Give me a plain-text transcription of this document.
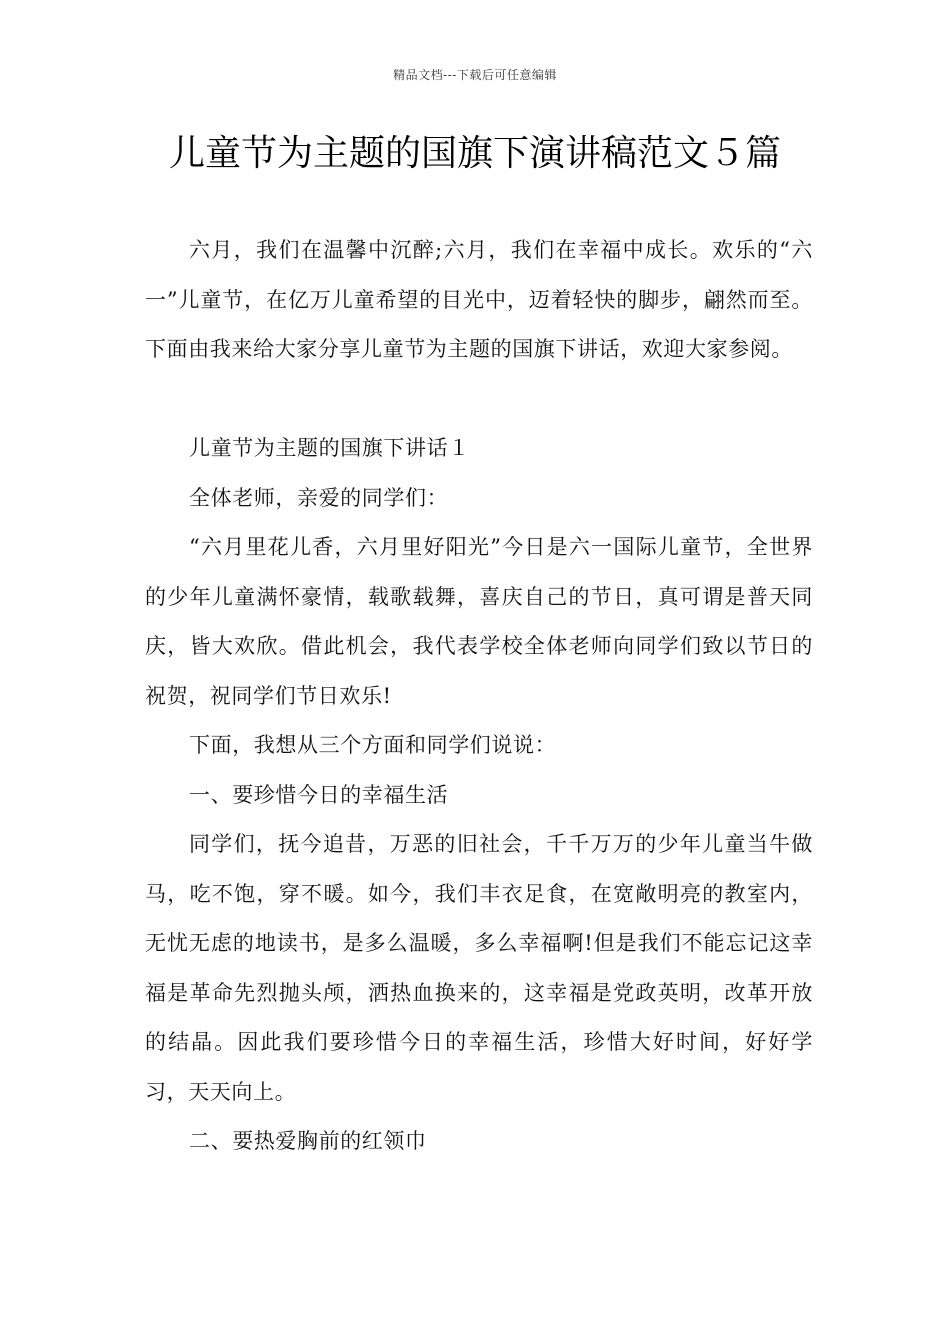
精品文档---下载后可任意编辑
儿童节为主题的国旗下演讲稿范文５篇

六月，我们在温馨中沉醉;六月，我们在幸福中成长。欢乐的“六一”儿童节，在亿万儿童希望的目光中，迈着轻快的脚步，翩然而至。下面由我来给大家分享儿童节为主题的国旗下讲话，欢迎大家参阅。

儿童节为主题的国旗下讲话１

全体老师，亲爱的同学们：

“六月里花儿香，六月里好阳光”今日是六一国际儿童节，全世界的少年儿童满怀豪情，载歌载舞，喜庆自己的节日，真可谓是普天同庆，皆大欢欣。借此机会，我代表学校全体老师向同学们致以节日的祝贺，祝同学们节日欢乐!

下面，我想从三个方面和同学们说说：

一、要珍惜今日的幸福生活

同学们，抚今追昔，万恶的旧社会，千千万万的少年儿童当牛做马，吃不饱，穿不暖。如今，我们丰衣足食，在宽敞明亮的教室内，无忧无虑的地读书，是多么温暖，多么幸福啊!但是我们不能忘记这幸福是革命先烈抛头颅，洒热血换来的，这幸福是党政英明，改革开放的结晶。因此我们要珍惜今日的幸福生活，珍惜大好时间，好好学习，天天向上。

二、要热爱胸前的红领巾
